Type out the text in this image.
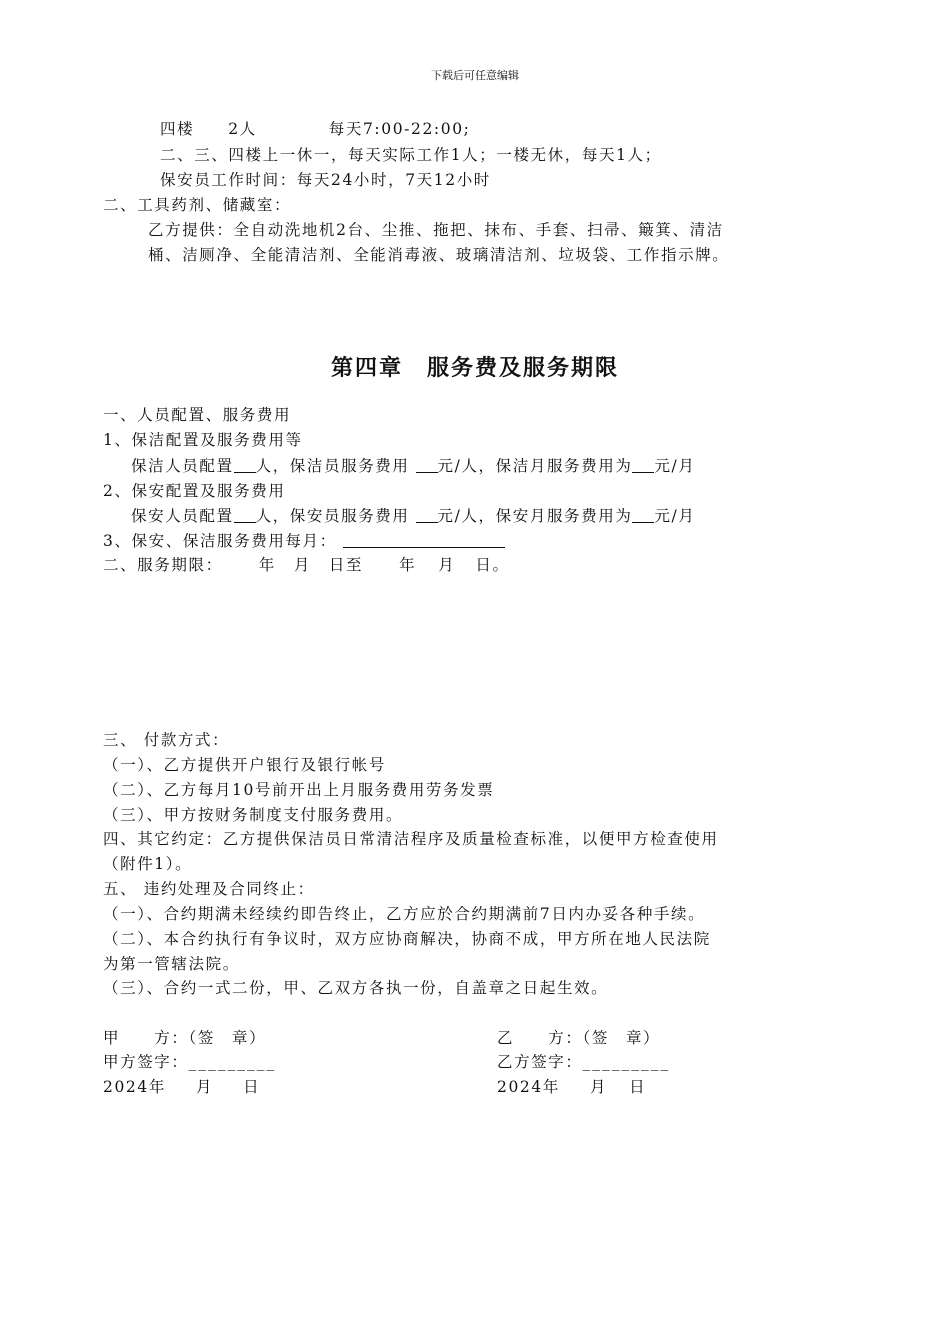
下载后可任意编辑
四楼 2人	每天7:00-22:00;
二、三、四楼上一休一，每天实际工作1人；一楼无休，每天1人；
保安员工作时间：每天24小时，7天12小时
二、工具药剂、储藏室：
乙方提供：全自动洗地机2台、尘推、拖把、抹布、手套、扫帚、簸箕、清洁
桶、洁厕净、全能清洁剂、全能消毒液、玻璃清洁剂、垃圾袋、工作指示牌。
第四章　服务费及服务期限
一、人员配置、服务费用
1、保洁配置及服务费用等
保洁人员配置 人，保洁员服务费用 元/人，保洁月服务费用为 元/月
2、保安配置及服务费用
保安人员配置 人，保安员服务费用 元/人，保安月服务费用为 元/月
3、保安、保洁服务费用每月：
二、服务期限： 年 月 日至 年 月 日。
三、 付款方式：
（一）、乙方提供开户银行及银行帐号
（二）、乙方每月10号前开出上月服务费用劳务发票
（三）、甲方按财务制度支付服务费用。
四、其它约定：乙方提供保洁员日常清洁程序及质量检查标准，以便甲方检查使用
（附件1）。
五、 违约处理及合同终止：
（一）、合约期满未经续约即告终止，乙方应於合约期满前7日内办妥各种手续。
（二）、本合约执行有争议时，双方应协商解决，协商不成，甲方所在地人民法院
为第一管辖法院。
（三）、合约一式二份，甲、乙双方各执一份，自盖章之日起生效。
甲　　方：（签　章）
甲方签字：_________
2024年 月 日
乙　　方：（签　章）
乙方签字：_________
2024年 月 日
